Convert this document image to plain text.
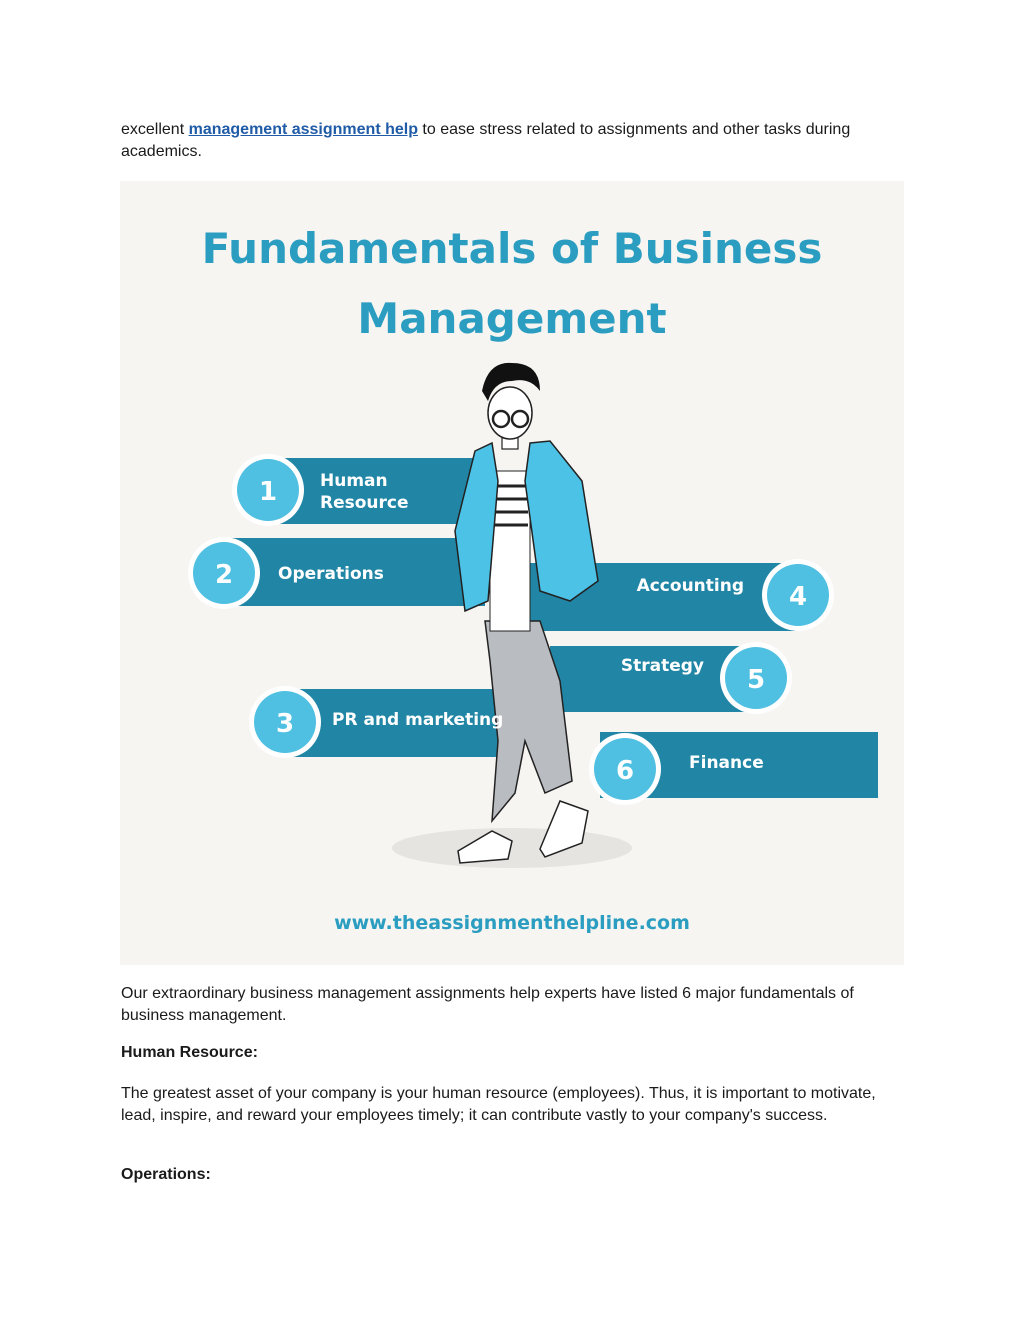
excellent management assignment help to ease stress related to assignments and other tasks during academics.

Fundamentals of Business
Management
1
2
3
4
5
6
Human
Resource
Operations
PR and marketing
Accounting
Strategy
Finance
www.theassignmenthelpline.com

Our extraordinary business management assignments help experts have listed 6 major fundamentals of business management.

Human Resource:

The greatest asset of your company is your human resource (employees). Thus, it is important to motivate, lead, inspire, and reward your employees timely; it can contribute vastly to your company's success.

Operations:
